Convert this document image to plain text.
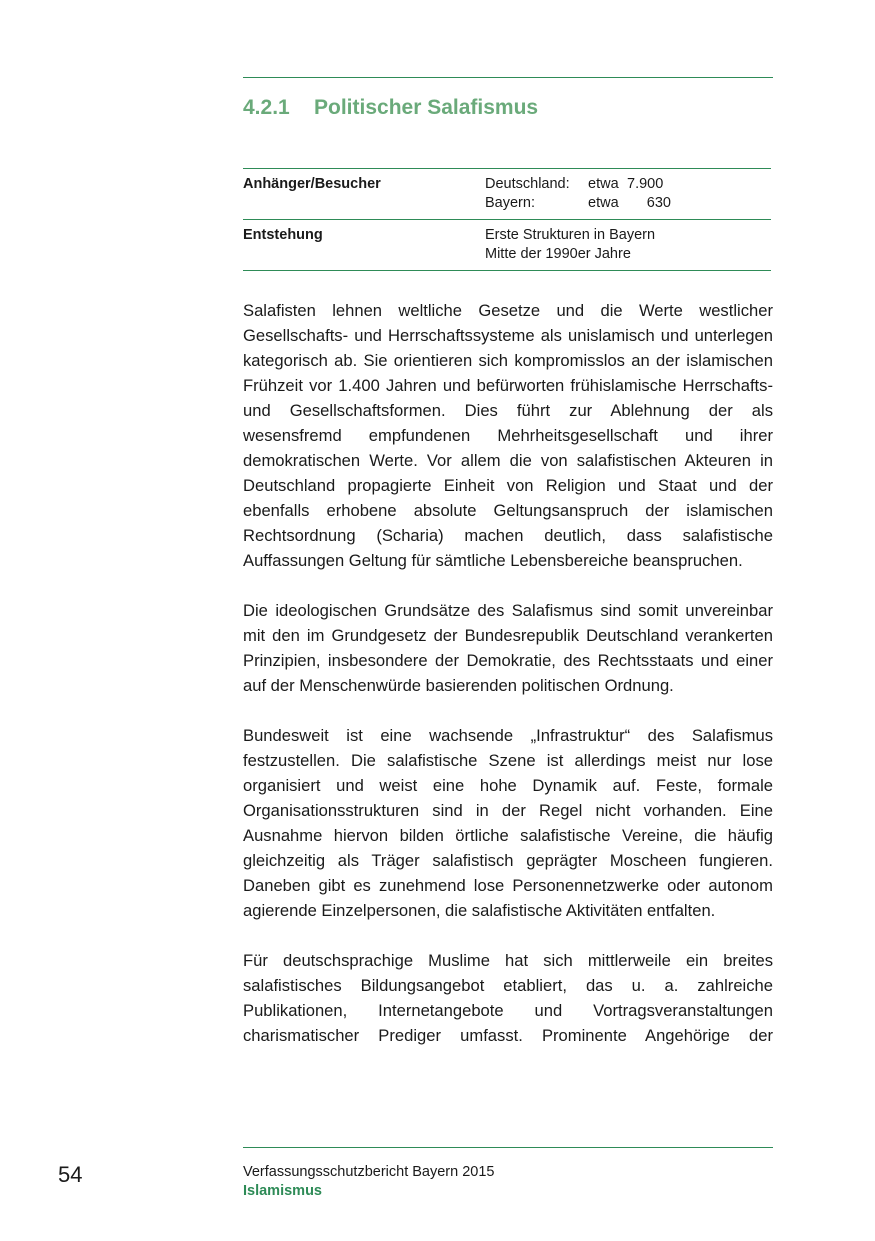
4.2.1 Politischer Salafismus
Anhänger/Besucher	Deutschland: etwa 7.900
Bayern:	etwa 630
Entstehung	Erste Strukturen in Bayern
Mitte der 1990er Jahre

Salafisten lehnen weltliche Gesetze und die Werte westlicher Gesellschafts- und Herrschaftssysteme als unislamisch und unterlegen kategorisch ab. Sie orientieren sich kompromisslos an der islamischen Frühzeit vor 1.400 Jahren und befürworten frühislamische Herrschafts- und Gesellschaftsformen. Dies führt zur Ablehnung der als wesensfremd empfundenen Mehrheitsgesellschaft und ihrer demokratischen Werte. Vor allem die von salafistischen Akteuren in Deutschland propagierte Einheit von Religion und Staat und der ebenfalls erhobene absolute Geltungsanspruch der islamischen Rechtsordnung (Scharia) machen deutlich, dass salafistische Auffassungen Geltung für sämtliche Lebensbereiche beanspruchen.

Die ideologischen Grundsätze des Salafismus sind somit unvereinbar mit den im Grundgesetz der Bundesrepublik Deutschland verankerten Prinzipien, insbesondere der Demokratie, des Rechtsstaats und einer auf der Menschenwürde basierenden politischen Ordnung.

Bundesweit ist eine wachsende „Infrastruktur“ des Salafismus festzustellen. Die salafistische Szene ist allerdings meist nur lose organisiert und weist eine hohe Dynamik auf. Feste, formale Organisationsstrukturen sind in der Regel nicht vorhanden. Eine Ausnahme hiervon bilden örtliche salafistische Vereine, die häufig gleichzeitig als Träger salafistisch geprägter Moscheen fungieren. Daneben gibt es zunehmend lose Personennetzwerke oder autonom agierende Einzelpersonen, die salafistische Aktivitäten entfalten.

Für deutschsprachige Muslime hat sich mittlerweile ein breites salafistisches Bildungsangebot etabliert, das u. a. zahlreiche Publikationen, Internetangebote und Vortragsveranstaltungen charismatischer Prediger umfasst. Prominente Angehörige der

54	Verfassungsschutzbericht Bayern 2015
Islamismus
